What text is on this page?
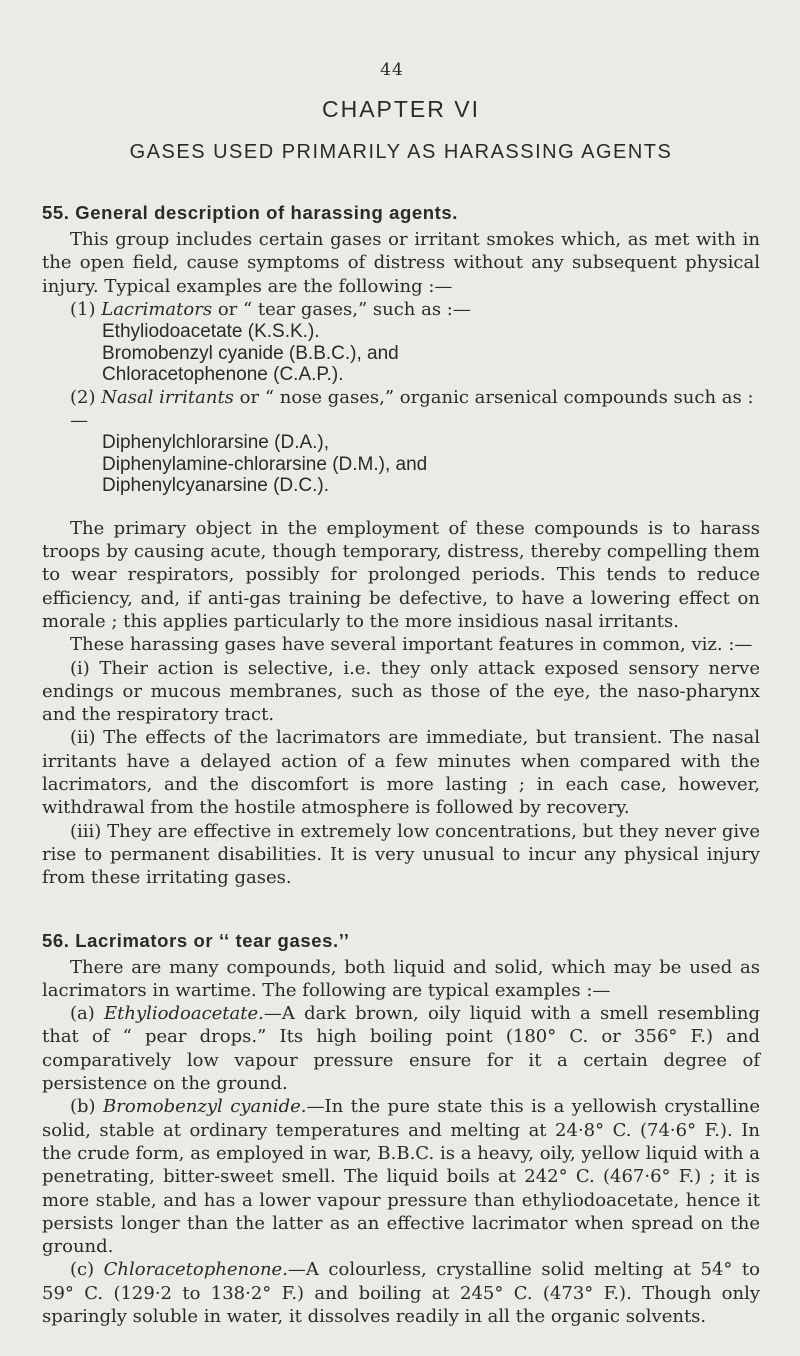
44
CHAPTER VI
GASES USED PRIMARILY AS HARASSING AGENTS
55. General description of harassing agents.

This group includes certain gases or irritant smokes which, as met with in the open field, cause symptoms of distress without any subsequent physical injury. Typical examples are the following :—

(1) Lacrimators or “ tear gases,” such as :—
Ethyliodoacetate (K.S.K.).
Bromobenzyl cyanide (B.B.C.), and
Chloracetophenone (C.A.P.).
(2) Nasal irritants or “ nose gases,” organic arsenical compounds such as :—
Diphenylchlorarsine (D.A.),
Diphenylamine-chlorarsine (D.M.), and
Diphenylcyanarsine (D.C.).

The primary object in the employment of these compounds is to harass troops by causing acute, though temporary, distress, thereby compelling them to wear respirators, possibly for prolonged periods. This tends to reduce efficiency, and, if anti-gas training be defective, to have a lowering effect on morale ; this applies particularly to the more insidious nasal irritants.

These harassing gases have several important features in common, viz. :—

(i) Their action is selective, i.e. they only attack exposed sensory nerve endings or mucous membranes, such as those of the eye, the naso-pharynx and the respiratory tract.

(ii) The effects of the lacrimators are immediate, but transient. The nasal irritants have a delayed action of a few minutes when compared with the lacrimators, and the discomfort is more lasting ; in each case, however, withdrawal from the hostile atmosphere is followed by recovery.

(iii) They are effective in extremely low concentrations, but they never give rise to permanent disabilities. It is very unusual to incur any physical injury from these irritating gases.

56. Lacrimators or ‘‘ tear gases.’’

There are many compounds, both liquid and solid, which may be used as lacrimators in wartime. The following are typical examples :—

(a) Ethyliodoacetate.—A dark brown, oily liquid with a smell resembling that of “ pear drops.” Its high boiling point (180° C. or 356° F.) and comparatively low vapour pressure ensure for it a certain degree of persistence on the ground.

(b) Bromobenzyl cyanide.—In the pure state this is a yellowish crystalline solid, stable at ordinary temperatures and melting at 24·8° C. (74·6° F.). In the crude form, as employed in war, B.B.C. is a heavy, oily, yellow liquid with a penetrating, bitter-sweet smell. The liquid boils at 242° C. (467·6° F.) ; it is more stable, and has a lower vapour pressure than ethyliodoacetate, hence it persists longer than the latter as an effective lacrimator when spread on the ground.

(c) Chloracetophenone.—A colourless, crystalline solid melting at 54° to 59° C. (129·2 to 138·2° F.) and boiling at 245° C. (473° F.). Though only sparingly soluble in water, it dissolves readily in all the organic solvents.
